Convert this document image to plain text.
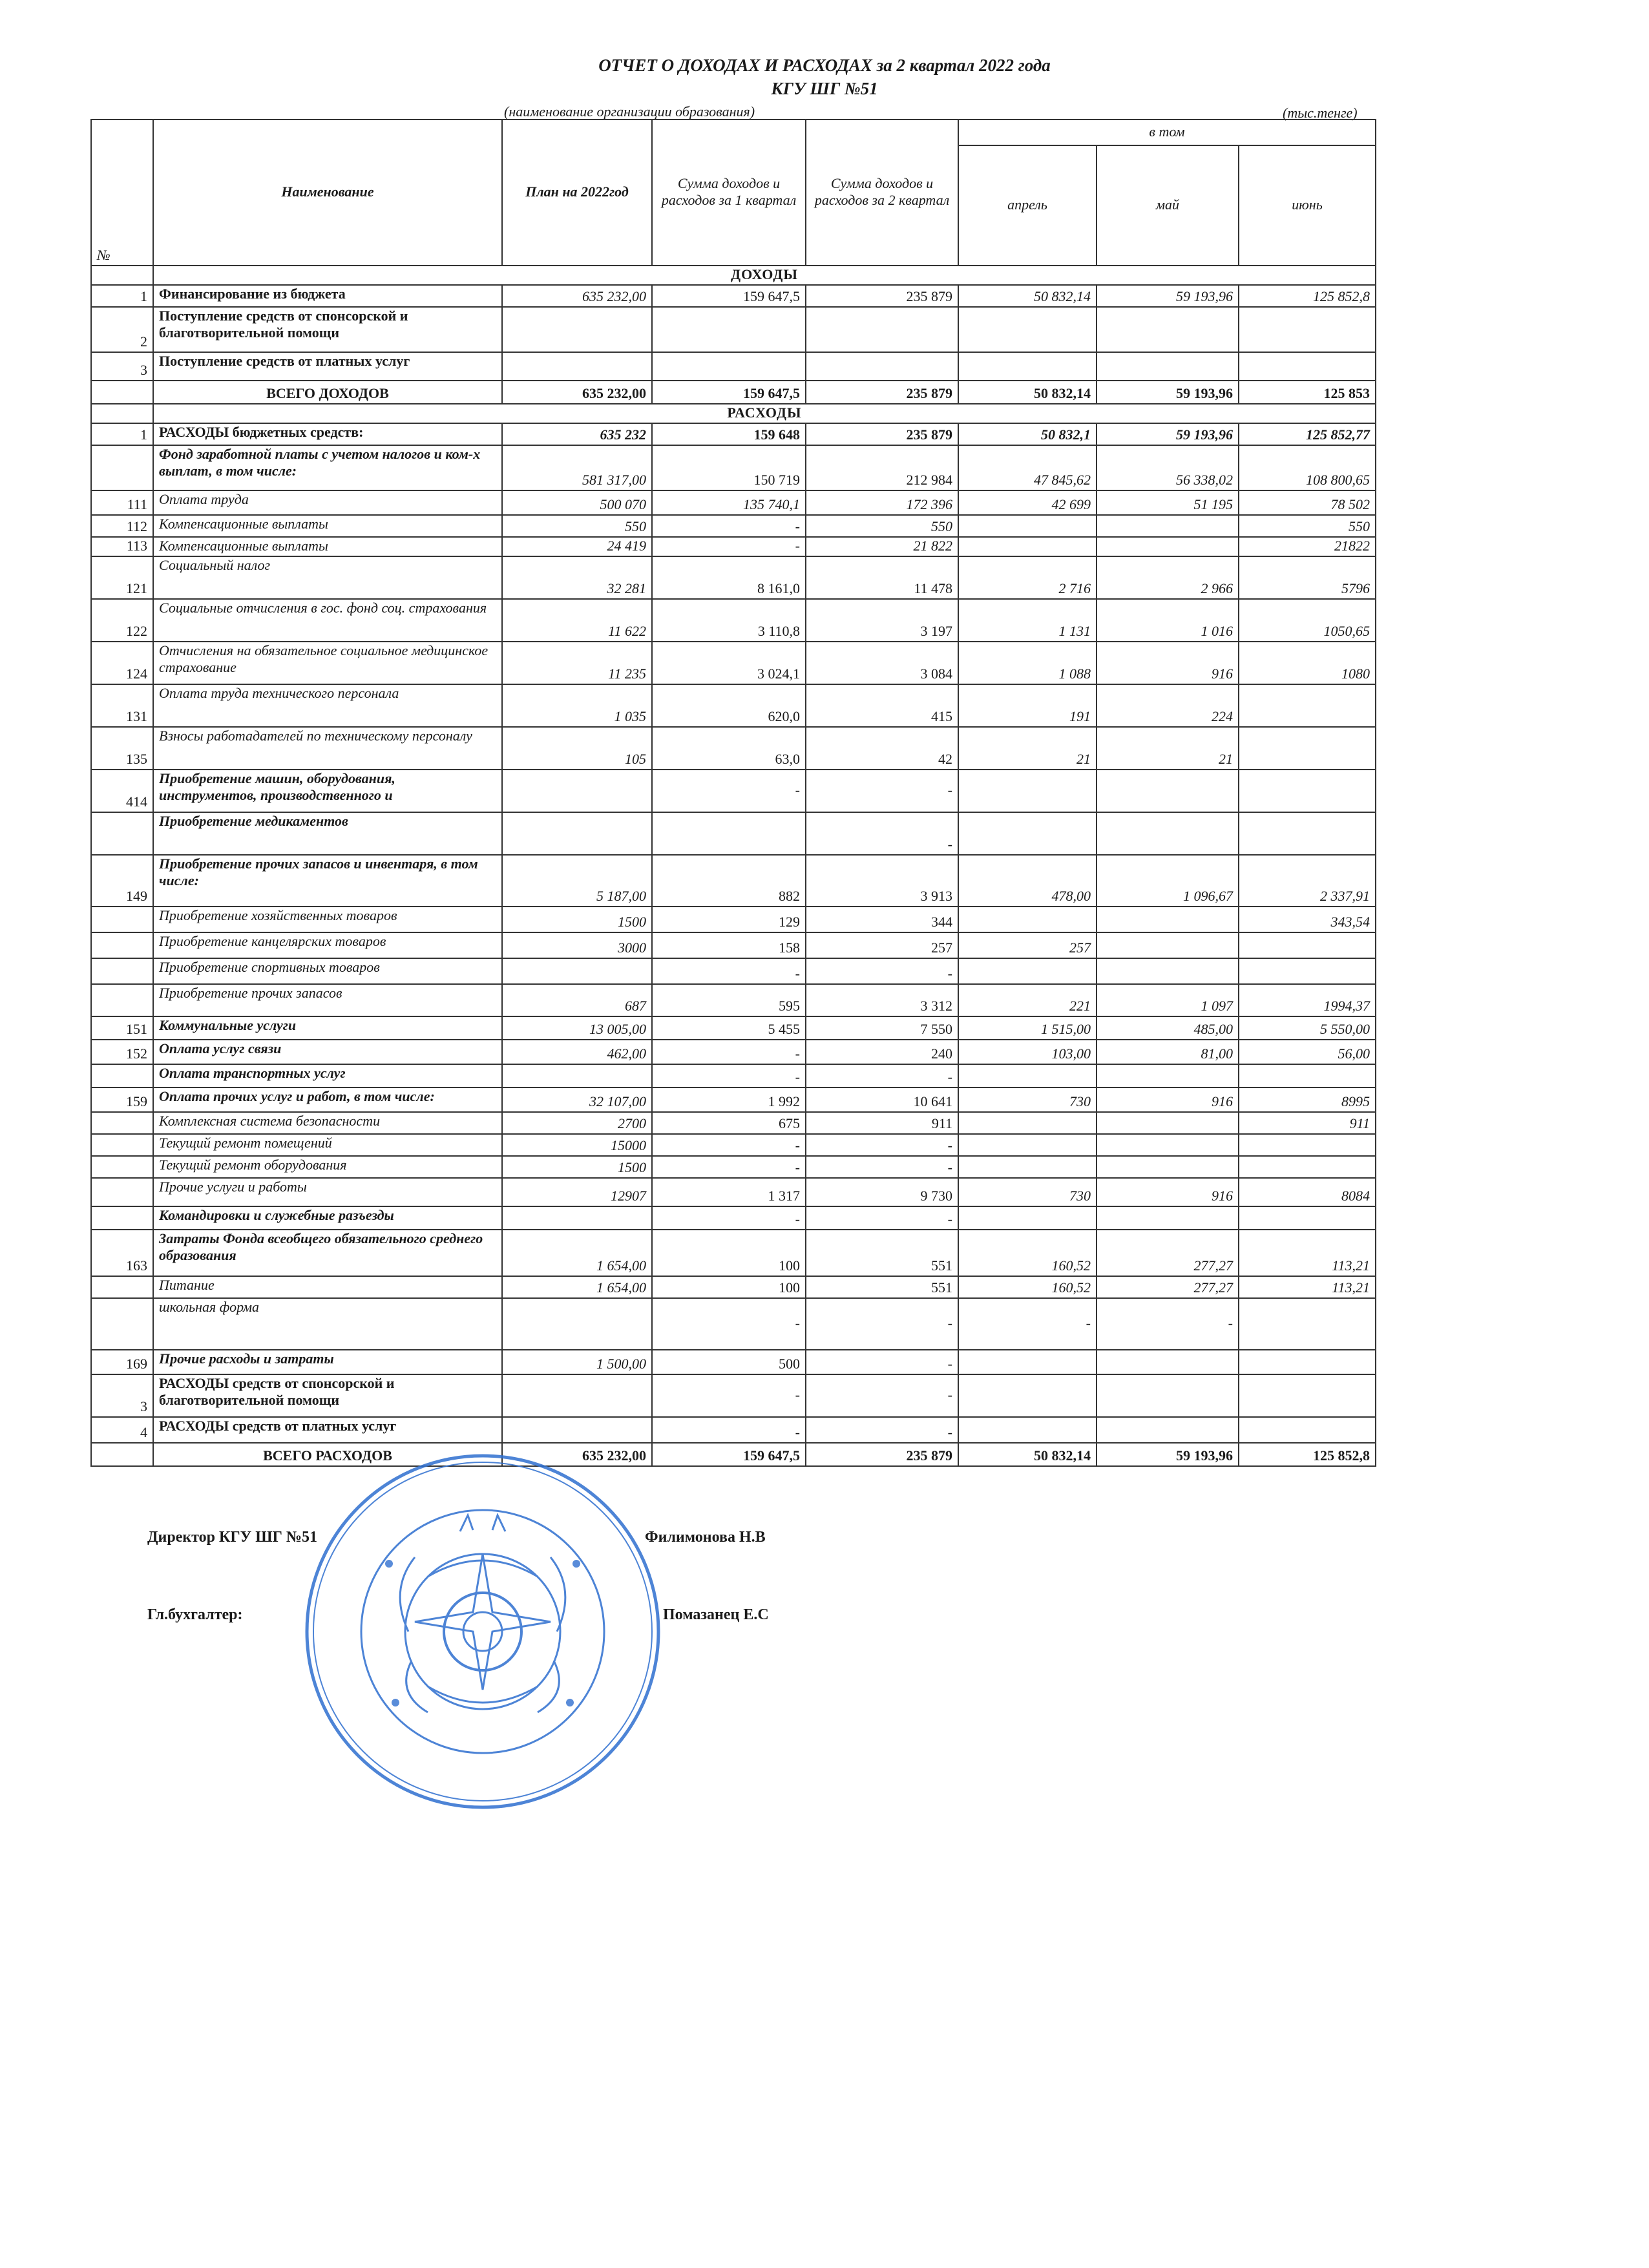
ОТЧЕТ О ДОХОДАХ И РАСХОДАХ за 2 квартал 2022 года
КГУ ШГ №51
(наименование организации образования)	(тыс.тенге)
№	Наименование	План на 2022год	Сумма доходов и расходов за 1 квартал	Сумма доходов и расходов за 2 квартал	в том		
					апрель	май	июнь
	ДОХОДЫ						
1	Финансирование из бюджета	635 232,00	159 647,5	235 879	50 832,14	59 193,96	125 852,8
2	Поступление средств от спонсорской и благотворительной помощи						
3	Поступление средств от платных услуг						
	ВСЕГО ДОХОДОВ	635 232,00	159 647,5	235 879	50 832,14	59 193,96	125 853
	РАСХОДЫ						
1	РАСХОДЫ бюджетных средств:	635 232	159 648	235 879	50 832,1	59 193,96	125 852,77
	Фонд заработной платы с учетом налогов и ком-х выплат, в том числе:	581 317,00	150 719	212 984	47 845,62	56 338,02	108 800,65
111	Оплата труда	500 070	135 740,1	172 396	42 699	51 195	78 502
112	Компенсационные выплаты	550	-	550			550
113	Компенсационные выплаты	24 419	-	21 822			21822
121	Социальный налог	32 281	8 161,0	11 478	2 716	2 966	5796
122	Социальные отчисления в гос. фонд соц. страхования	11 622	3 110,8	3 197	1 131	1 016	1050,65
124	Отчисления на обязательное социальное медицинское страхование	11 235	3 024,1	3 084	1 088	916	1080
131	Оплата труда технического персонала	1 035	620,0	415	191	224	
135	Взносы работадателей по техническому персоналу	105	63,0	42	21	21	
414	Приобретение машин, оборудования, инструментов, производственного и		-	-			
	Приобретение медикаментов			-			
149	Приобретение прочих запасов и инвентаря, в том числе:	5 187,00	882	3 913	478,00	1 096,67	2 337,91
	Приобретение хозяйственных товаров	1500	129	344			343,54
	Приобретение канцелярских товаров	3000	158	257	257		
	Приобретение спортивных товаров		-	-			
	Приобретение прочих запасов	687	595	3 312	221	1 097	1994,37
151	Коммунальные услуги	13 005,00	5 455	7 550	1 515,00	485,00	5 550,00
152	Оплата услуг связи	462,00	-	240	103,00	81,00	56,00
	Оплата транспортных услуг		-	-			
159	Оплата прочих услуг и работ, в том числе:	32 107,00	1 992	10 641	730	916	8995
	Комплексная система безопасности	2700	675	911			911
	Текущий ремонт помещений	15000	-	-			
	Текущий ремонт оборудования	1500	-	-			
	Прочие услуги и работы	12907	1 317	9 730	730	916	8084
	Командировки и служебные разъезды		-	-			
163	Затраты Фонда всеобщего обязательного среднего образования	1 654,00	100	551	160,52	277,27	113,21
	Питание	1 654,00	100	551	160,52	277,27	113,21
	школьная форма		-	-	-	-	
169	Прочие расходы и затраты	1 500,00	500	-			
3	РАСХОДЫ средств от спонсорской и благотворительной помощи		-	-			
4	РАСХОДЫ средств от платных услуг		-	-			
	ВСЕГО РАСХОДОВ	635 232,00	159 647,5	235 879	50 832,14	59 193,96	125 852,8
Директор КГУ ШГ №51	Филимонова Н.В
Гл.бухгалтер:	Помазанец Е.С
